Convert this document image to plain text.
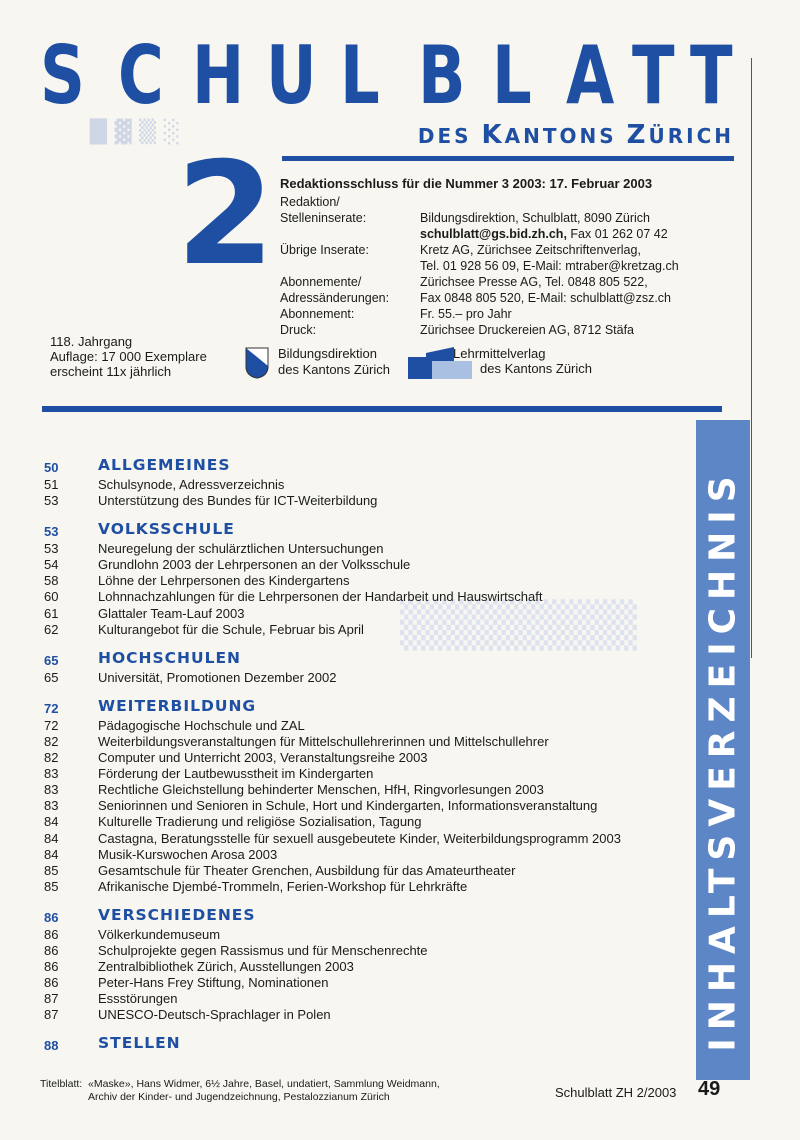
█ ▓ ▒ ░
▒▒▒▒▒▒▒
S C H U L B L A T T
DES KANTONS ZÜRICH
2 Redaktionsschluss für die Nummer 3 2003: 17. Februar 2003
Redaktion/
Stelleninserate:	Bildungsdirektion, Schulblatt, 8090 Zürich
schulblatt@gs.bid.zh.ch, Fax 01 262 07 42
Übrige Inserate:	Kretz AG, Zürichsee Zeitschriftenverlag,
Tel. 01 928 56 09, E-Mail: mtraber@kretzag.ch
Abonnemente/	Zürichsee Presse AG, Tel. 0848 805 522,
Adressänderungen: Fax 0848 805 520, E-Mail: schulblatt@zsz.ch
Abonnement:	Fr. 55.– pro Jahr
Druck:	Zürichsee Druckereien AG, 8712 Stäfa
118. Jahrgang
Auflage: 17 000 Exemplare
erscheint 11x jährlich
Bildungsdirektion
des Kantons Zürich
Lehrmittelverlag
des Kantons Zürich
INHALTSVERZEICHNIS
50	ALLGEMEINES
51	Schulsynode, Adressverzeichnis
53	Unterstützung des Bundes für ICT-Weiterbildung
53	VOLKSSCHULE
53	Neuregelung der schulärztlichen Untersuchungen
54	Grundlohn 2003 der Lehrpersonen an der Volksschule
58	Löhne der Lehrpersonen des Kindergartens
60	Lohnnachzahlungen für die Lehrpersonen der Handarbeit und Hauswirtschaft
61	Glattaler Team-Lauf 2003
62	Kulturangebot für die Schule, Februar bis April
65	HOCHSCHULEN
65	Universität, Promotionen Dezember 2002
72	WEITERBILDUNG
72	Pädagogische Hochschule und ZAL
82	Weiterbildungsveranstaltungen für Mittelschullehrerinnen und Mittelschullehrer
82	Computer und Unterricht 2003, Veranstaltungsreihe 2003
83	Förderung der Lautbewusstheit im Kindergarten
83	Rechtliche Gleichstellung behinderter Menschen, HfH, Ringvorlesungen 2003
83	Seniorinnen und Senioren in Schule, Hort und Kindergarten, Informationsveranstaltung
84	Kulturelle Tradierung und religiöse Sozialisation, Tagung
84	Castagna, Beratungsstelle für sexuell ausgebeutete Kinder, Weiterbildungsprogramm 2003
84	Musik-Kurswochen Arosa 2003
85	Gesamtschule für Theater Grenchen, Ausbildung für das Amateurtheater
85	Afrikanische Djembé-Trommeln, Ferien-Workshop für Lehrkräfte
86	VERSCHIEDENES
86	Völkerkundemuseum
86	Schulprojekte gegen Rassismus und für Menschenrechte
86	Zentralbibliothek Zürich, Ausstellungen 2003
86	Peter-Hans Frey Stiftung, Nominationen
87	Essstörungen
87	UNESCO-Deutsch-Sprachlager in Polen
88	STELLEN
Titelblatt: «Maske», Hans Widmer, 6½ Jahre, Basel, undatiert, Sammlung Weidmann,
Archiv der Kinder- und Jugendzeichnung, Pestalozzianum Zürich	Schulblatt ZH 2/2003 49
